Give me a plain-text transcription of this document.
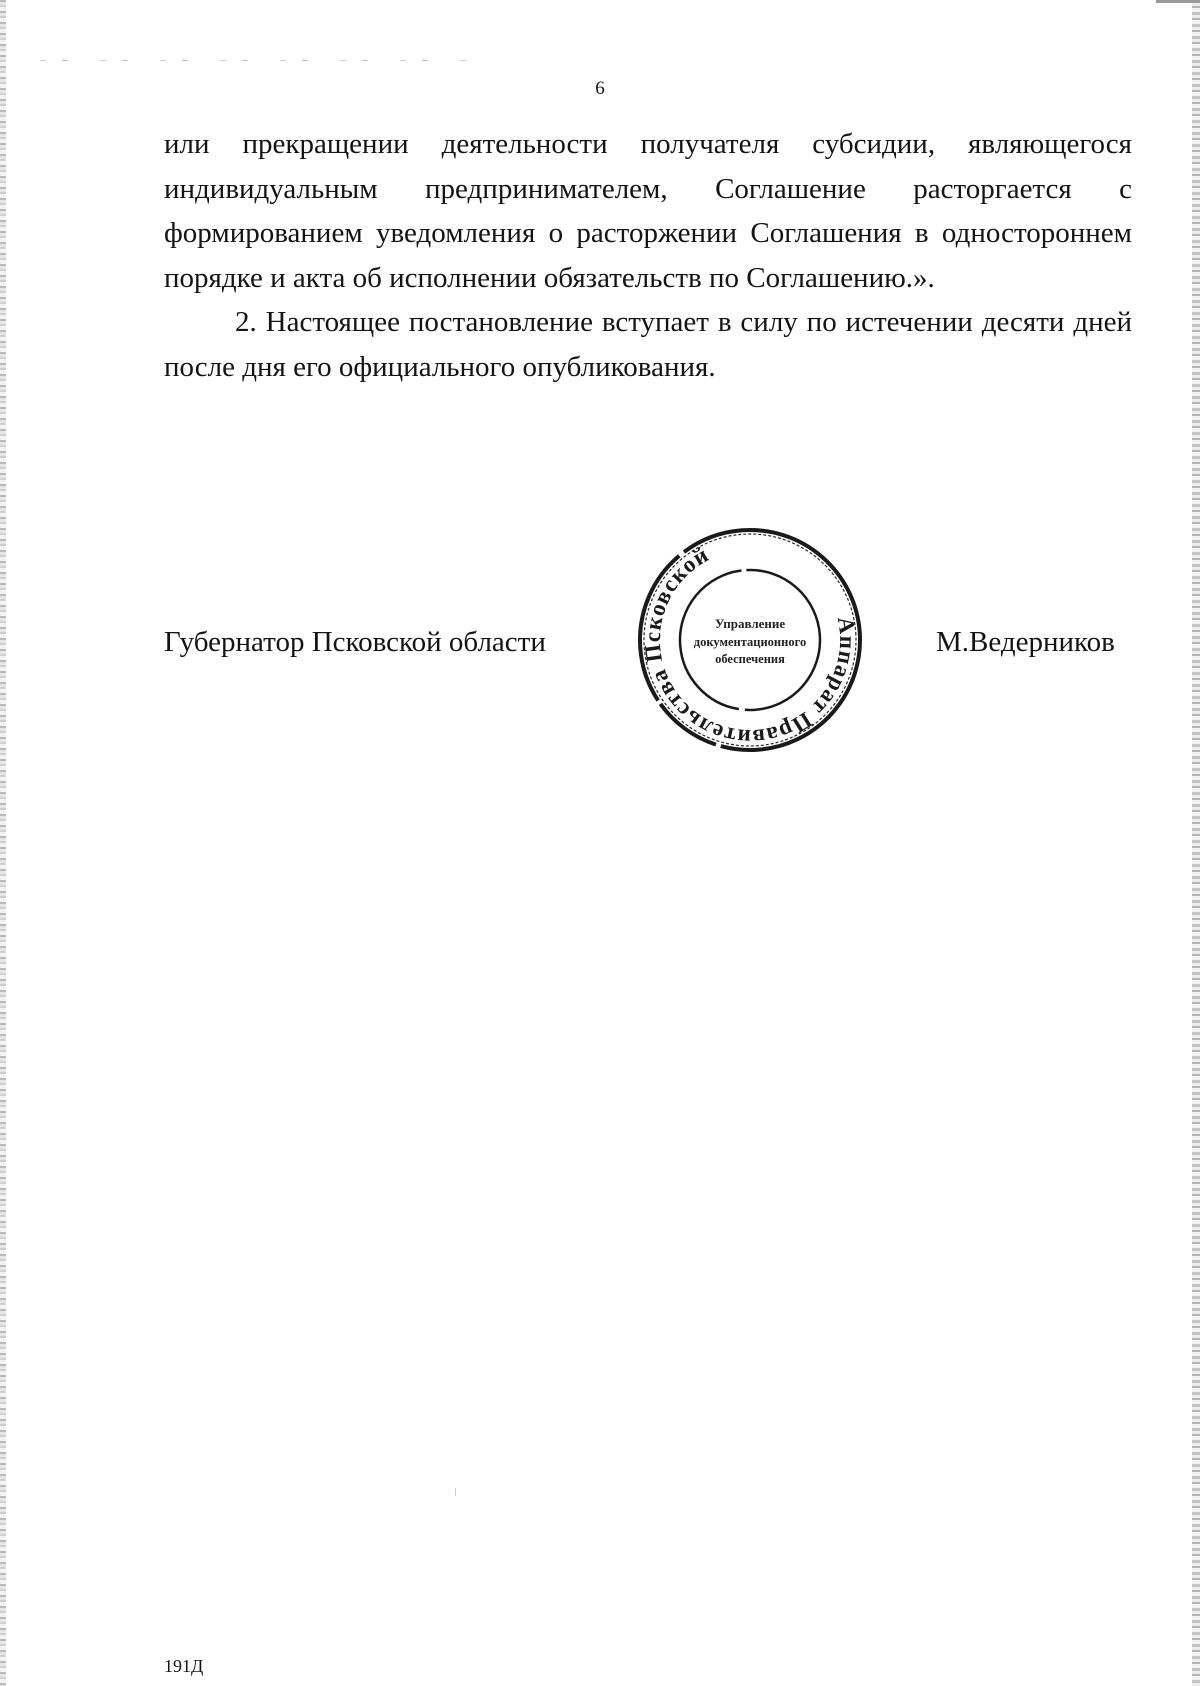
6

или прекращении деятельности получателя субсидии, являющегося индивидуальным предпринимателем, Соглашение расторгается с формированием уведомления о расторжении Соглашения в одностороннем порядке и акта об исполнении обязательств по Соглашению.».

2. Настоящее постановление вступает в силу по истечении десяти дней после дня его официального опубликования.

Губернатор Псковской области
Аппарат Правительства Псковской
Управление
документационного
обеспечения
М.Ведерников
191Д
